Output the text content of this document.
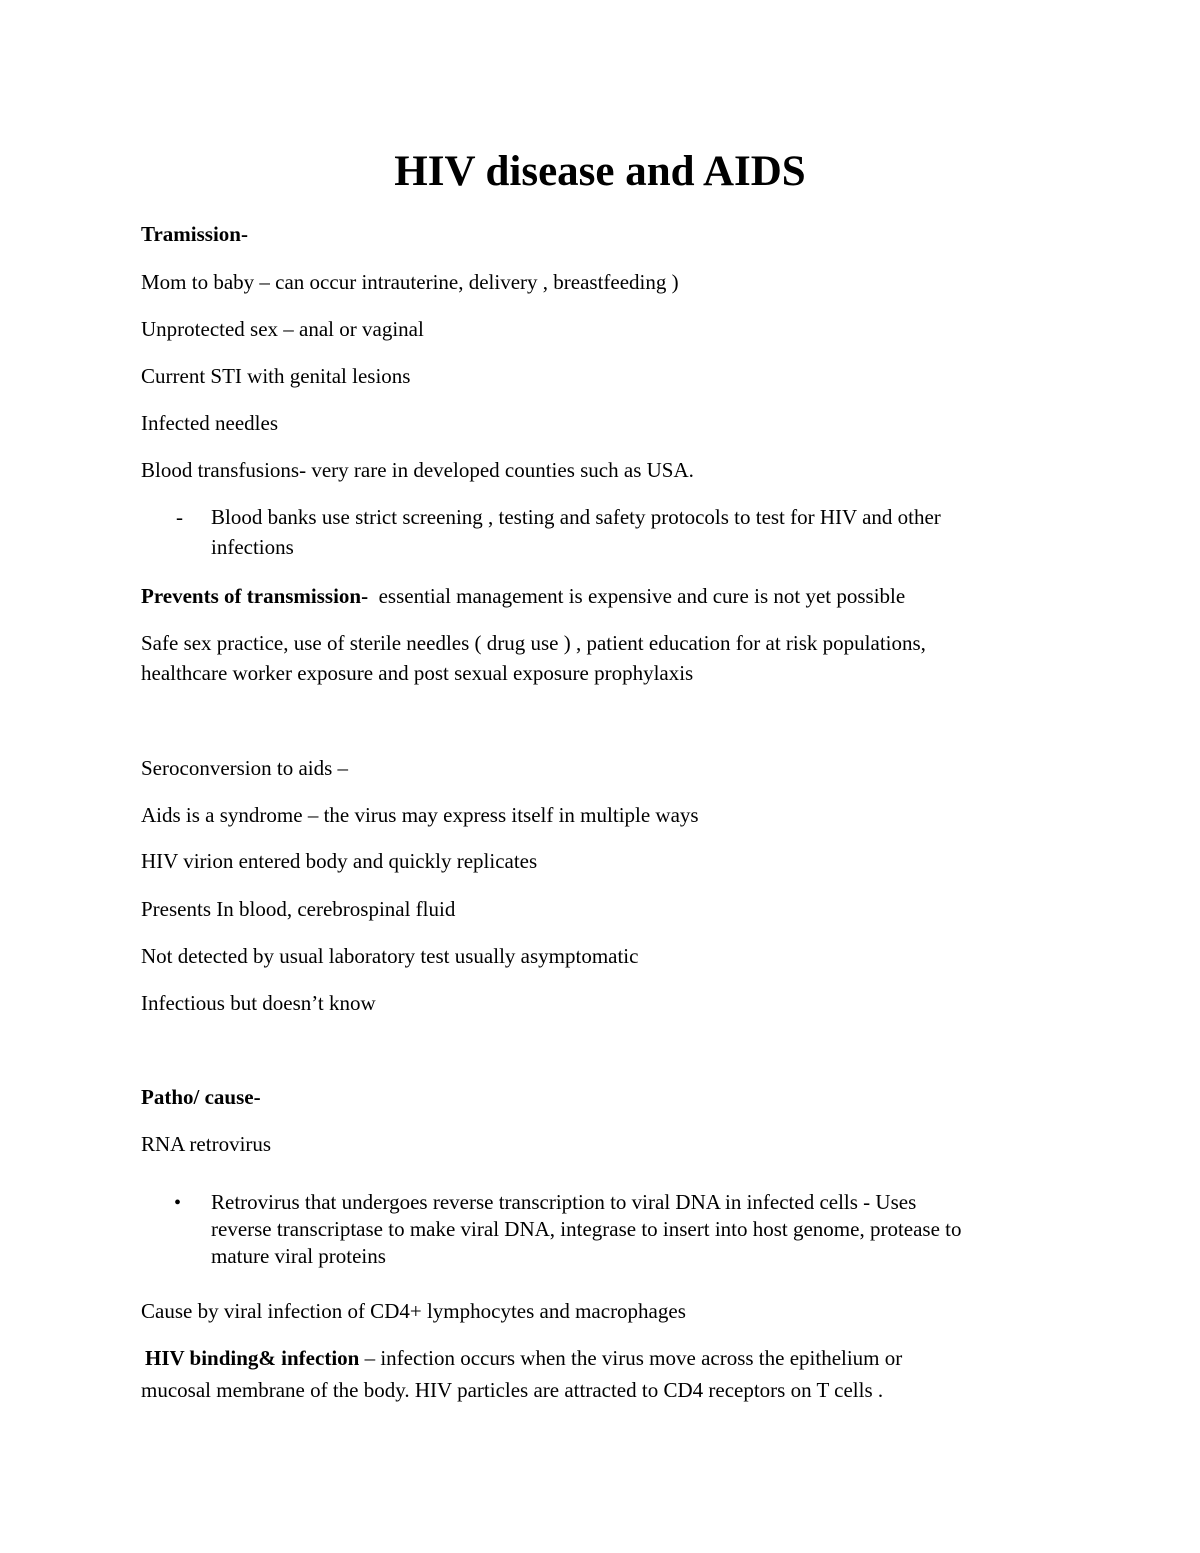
HIV disease and AIDS
Tramission-
Mom to baby – can occur intrauterine, delivery , breastfeeding )
Unprotected sex – anal or vaginal
Current STI with genital lesions
Infected needles
Blood transfusions- very rare in developed counties such as USA.
- Blood banks use strict screening , testing and safety protocols to test for HIV and other
infections
Prevents of transmission-  essential management is expensive and cure is not yet possible
Safe sex practice, use of sterile needles ( drug use ) , patient education for at risk populations,
healthcare worker exposure and post sexual exposure prophylaxis
Seroconversion to aids –
Aids is a syndrome – the virus may express itself in multiple ways
HIV virion entered body and quickly replicates
Presents In blood, cerebrospinal fluid
Not detected by usual laboratory test usually asymptomatic
Infectious but doesn’t know
Patho/ cause-
RNA retrovirus
• Retrovirus that undergoes reverse transcription to viral DNA in infected cells - Uses
reverse transcriptase to make viral DNA, integrase to insert into host genome, protease to
mature viral proteins
Cause by viral infection of CD4+ lymphocytes and macrophages
HIV binding& infection – infection occurs when the virus move across the epithelium or
mucosal membrane of the body. HIV particles are attracted to CD4 receptors on T cells .
